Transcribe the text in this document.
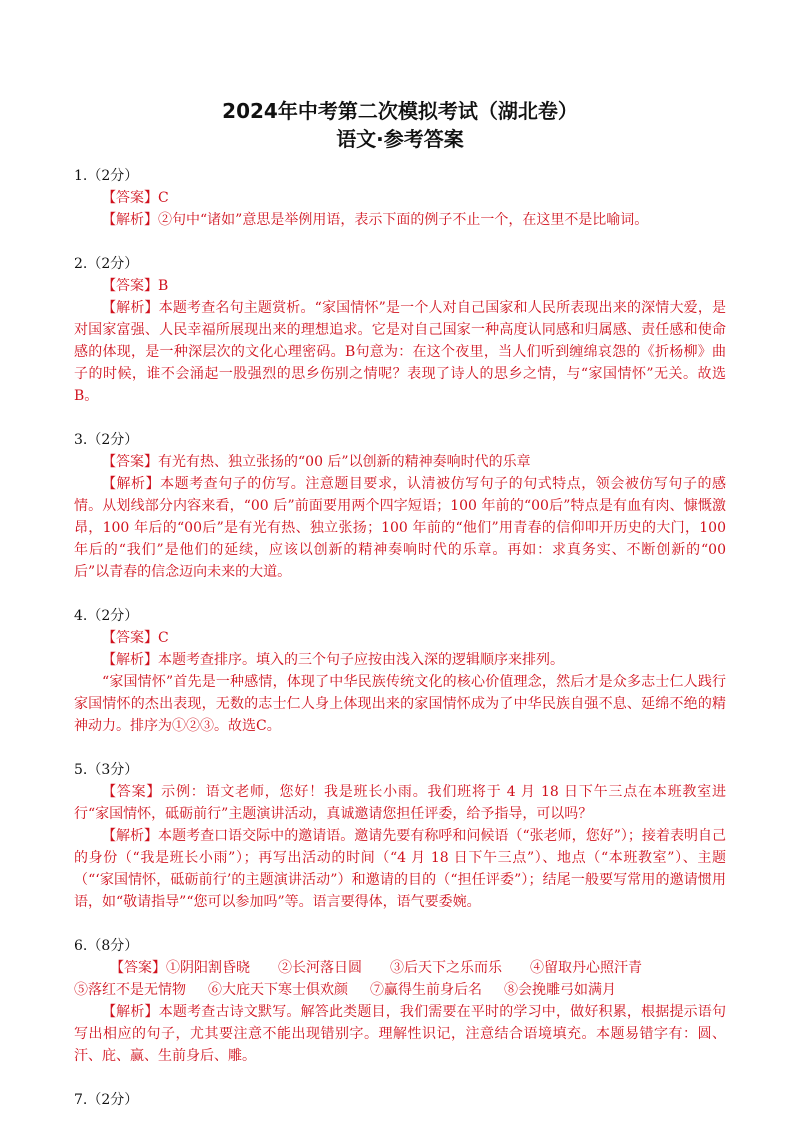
2024年中考第二次模拟考试（湖北卷）
语文·参考答案
1.（2分）
【答案】C
【解析】②句中“诸如”意思是举例用语，表示下面的例子不止一个，在这里不是比喻词。
2.（2分）
【答案】B
【解析】本题考查名句主题赏析。“家国情怀”是一个人对自己国家和人民所表现出来的深情大爱，是对国家富强、人民幸福所展现出来的理想追求。它是对自己国家一种高度认同感和归属感、责任感和使命感的体现，是一种深层次的文化心理密码。B句意为：在这个夜里，当人们听到缠绵哀怨的《折杨柳》曲子的时候，谁不会涌起一股强烈的思乡伤别之情呢？表现了诗人的思乡之情，与“家国情怀”无关。故选B。
3.（2分）
【答案】有光有热、独立张扬的“00 后”以创新的精神奏响时代的乐章
【解析】本题考查句子的仿写。注意题目要求，认清被仿写句子的句式特点，领会被仿写句子的感情。从划线部分内容来看，“00 后”前面要用两个四字短语；100 年前的“00后”特点是有血有肉、慷慨激昂，100 年后的“00后”是有光有热、独立张扬；100 年前的“他们”用青春的信仰叩开历史的大门，100 年后的“我们”是他们的延续，应该以创新的精神奏响时代的乐章。再如：求真务实、不断创新的“00 后”以青春的信念迈向未来的大道。
4.（2分）
【答案】C
【解析】本题考查排序。填入的三个句子应按由浅入深的逻辑顺序来排列。
“家国情怀”首先是一种感情，体现了中华民族传统文化的核心价值理念，然后才是众多志士仁人践行家国情怀的杰出表现，无数的志士仁人身上体现出来的家国情怀成为了中华民族自强不息、延绵不绝的精神动力。排序为①②③。故选C。
5.（3分）
【答案】示例：语文老师，您好！我是班长小雨。我们班将于 4 月 18 日下午三点在本班教室进行“家国情怀，砥砺前行”主题演讲活动，真诚邀请您担任评委，给予指导，可以吗？
【解析】本题考查口语交际中的邀请语。邀请先要有称呼和问候语（“张老师，您好”）；接着表明自己的身份（“我是班长小雨”）；再写出活动的时间（“4 月 18 日下午三点”）、地点（“本班教室”）、主题（“‘家国情怀，砥砺前行’的主题演讲活动”）和邀请的目的（“担任评委”）；结尾一般要写常用的邀请惯用语，如“敬请指导”“您可以参加吗”等。语言要得体，语气要委婉。
6.（8分）
【答案】 ①阴阳割昏晓 ②长河落日圆 ③后天下之乐而乐 ④留取丹心照汗青
⑤落红不是无情物 ⑥大庇天下寒士俱欢颜 ⑦赢得生前身后名 ⑧会挽雕弓如满月
【解析】本题考查古诗文默写。解答此类题目，我们需要在平时的学习中，做好积累，根据提示语句写出相应的句子，尤其要注意不能出现错别字。理解性识记，注意结合语境填充。本题易错字有：圆、汗、庇、赢、生前身后、雕。
7.（2分）
